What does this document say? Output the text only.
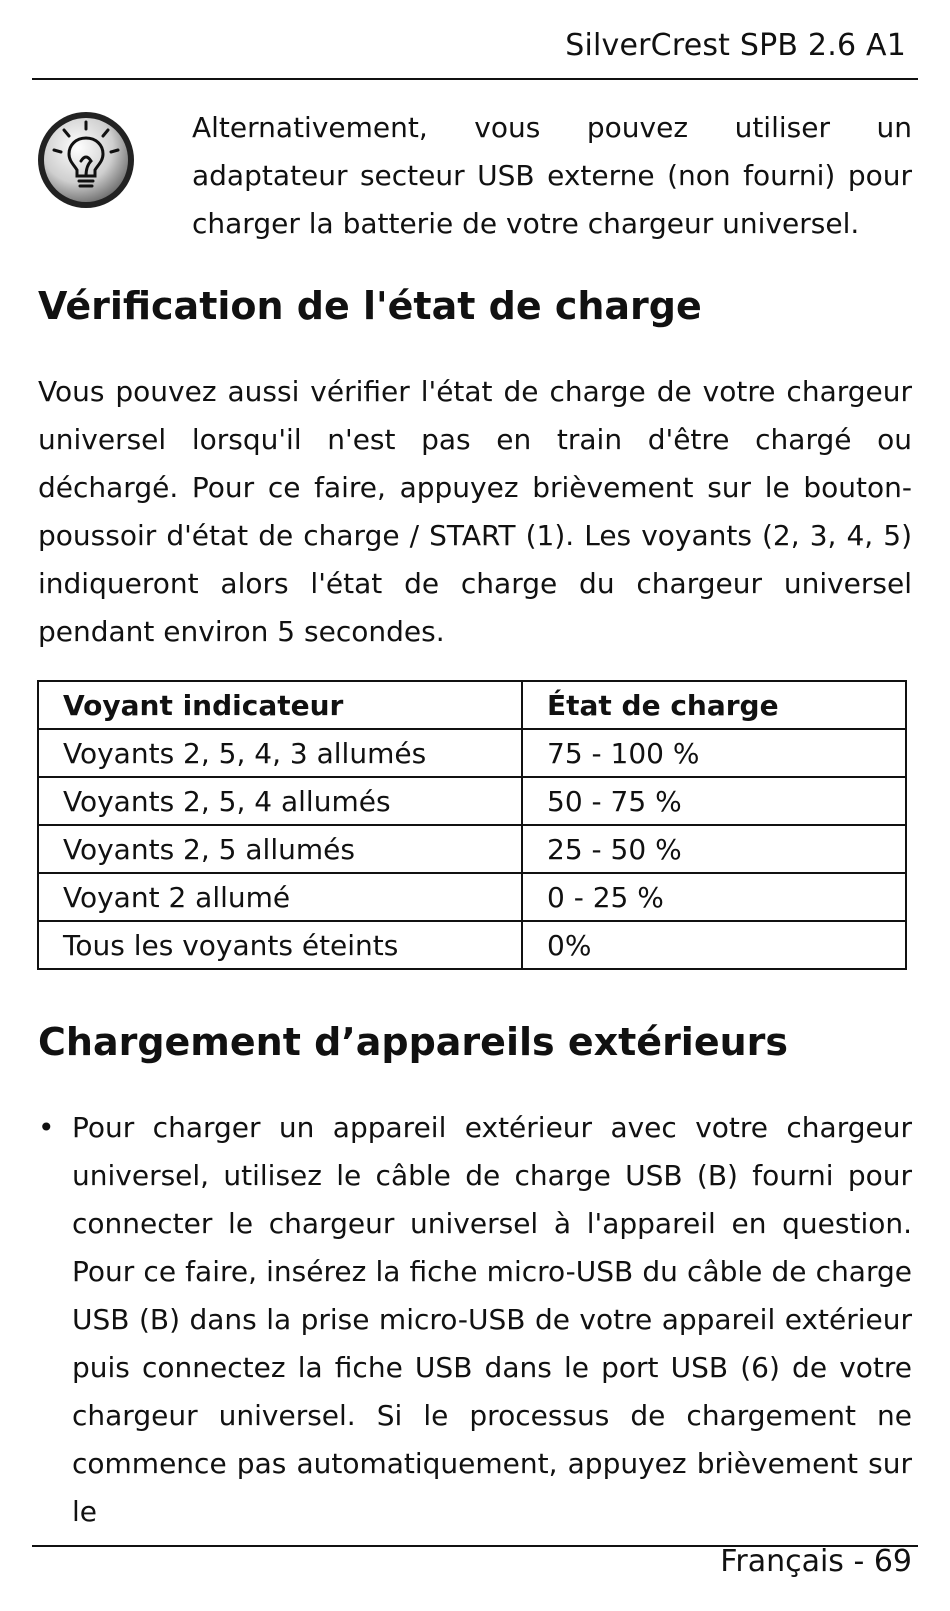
SilverCrest SPB 2.6 A1
Alternativement, vous pouvez utiliser un adaptateur secteur USB externe (non fourni) pour charger la batterie de votre chargeur universel.
Vérification de l'état de charge
Vous pouvez aussi vérifier l'état de charge de votre chargeur universel lorsqu'il n'est pas en train d'être chargé ou déchargé. Pour ce faire, appuyez brièvement sur le bouton-poussoir d'état de charge / START (1). Les voyants (2, 3, 4, 5) indiqueront alors l'état de charge du chargeur universel pendant environ 5 secondes.
Voyant indicateur	État de charge
Voyants 2, 5, 4, 3 allumés	75 - 100 %
Voyants 2, 5, 4 allumés	50 - 75 %
Voyants 2, 5 allumés	25 - 50 %
Voyant 2 allumé	0 - 25 %
Tous les voyants éteints	0%
Chargement d’appareils extérieurs
• Pour charger un appareil extérieur avec votre chargeur universel, utilisez le câble de charge USB (B) fourni pour connecter le chargeur universel à l'appareil en question. Pour ce faire, insérez la fiche micro-USB du câble de charge USB (B) dans la prise micro-USB de votre appareil extérieur puis connectez la fiche USB dans le port USB (6) de votre chargeur universel. Si le processus de chargement ne commence pas automatiquement, appuyez brièvement sur le
Français - 69
